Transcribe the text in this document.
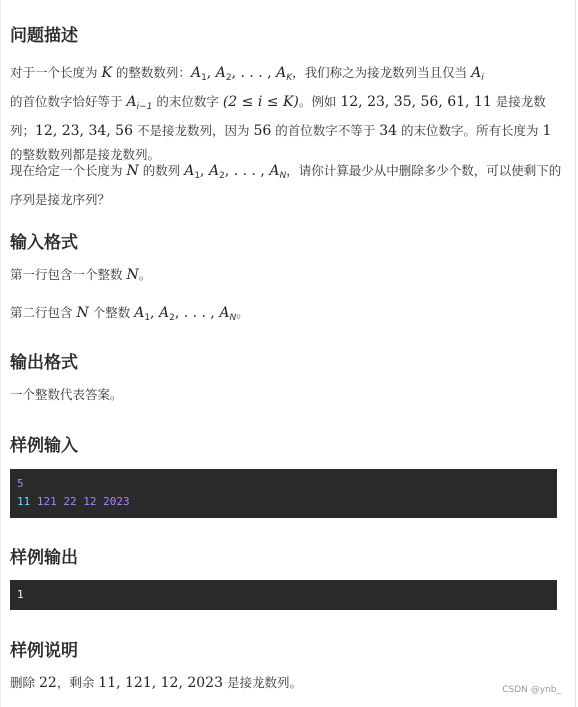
问题描述

对于一个长度为 K 的整数数列：$A_1$, $A_2$, . . . , $A_K$，我们称之为接龙数列当且仅当 $A_i$
的首位数字恰好等于 $A_{i-1}$ 的末位数字 (2 ≤ i ≤ K)。例如 12, 23, 35, 56, 61, 11 是接龙数列；12, 23, 34, 56 不是接龙数列，因为 56 的首位数字不等于 34 的末位数字。所有长度为 1 的整数数列都是接龙数列。

现在给定一个长度为 N 的数列 $A_1$, $A_2$, . . . , $A_N$，请你计算最少从中删除多少个数，可以使剩下的序列是接龙序列？

输入格式

第一行包含一个整数 N。

第二行包含 N 个整数 $A_1$, $A_2$, . . . , $A_N$。

输出格式

一个整数代表答案。

样例输入
5
11 121 22 12 2023
样例输出
1
样例说明

删除 22，剩余 11, 121, 12, 2023 是接龙数列。	CSDN @ynb_
